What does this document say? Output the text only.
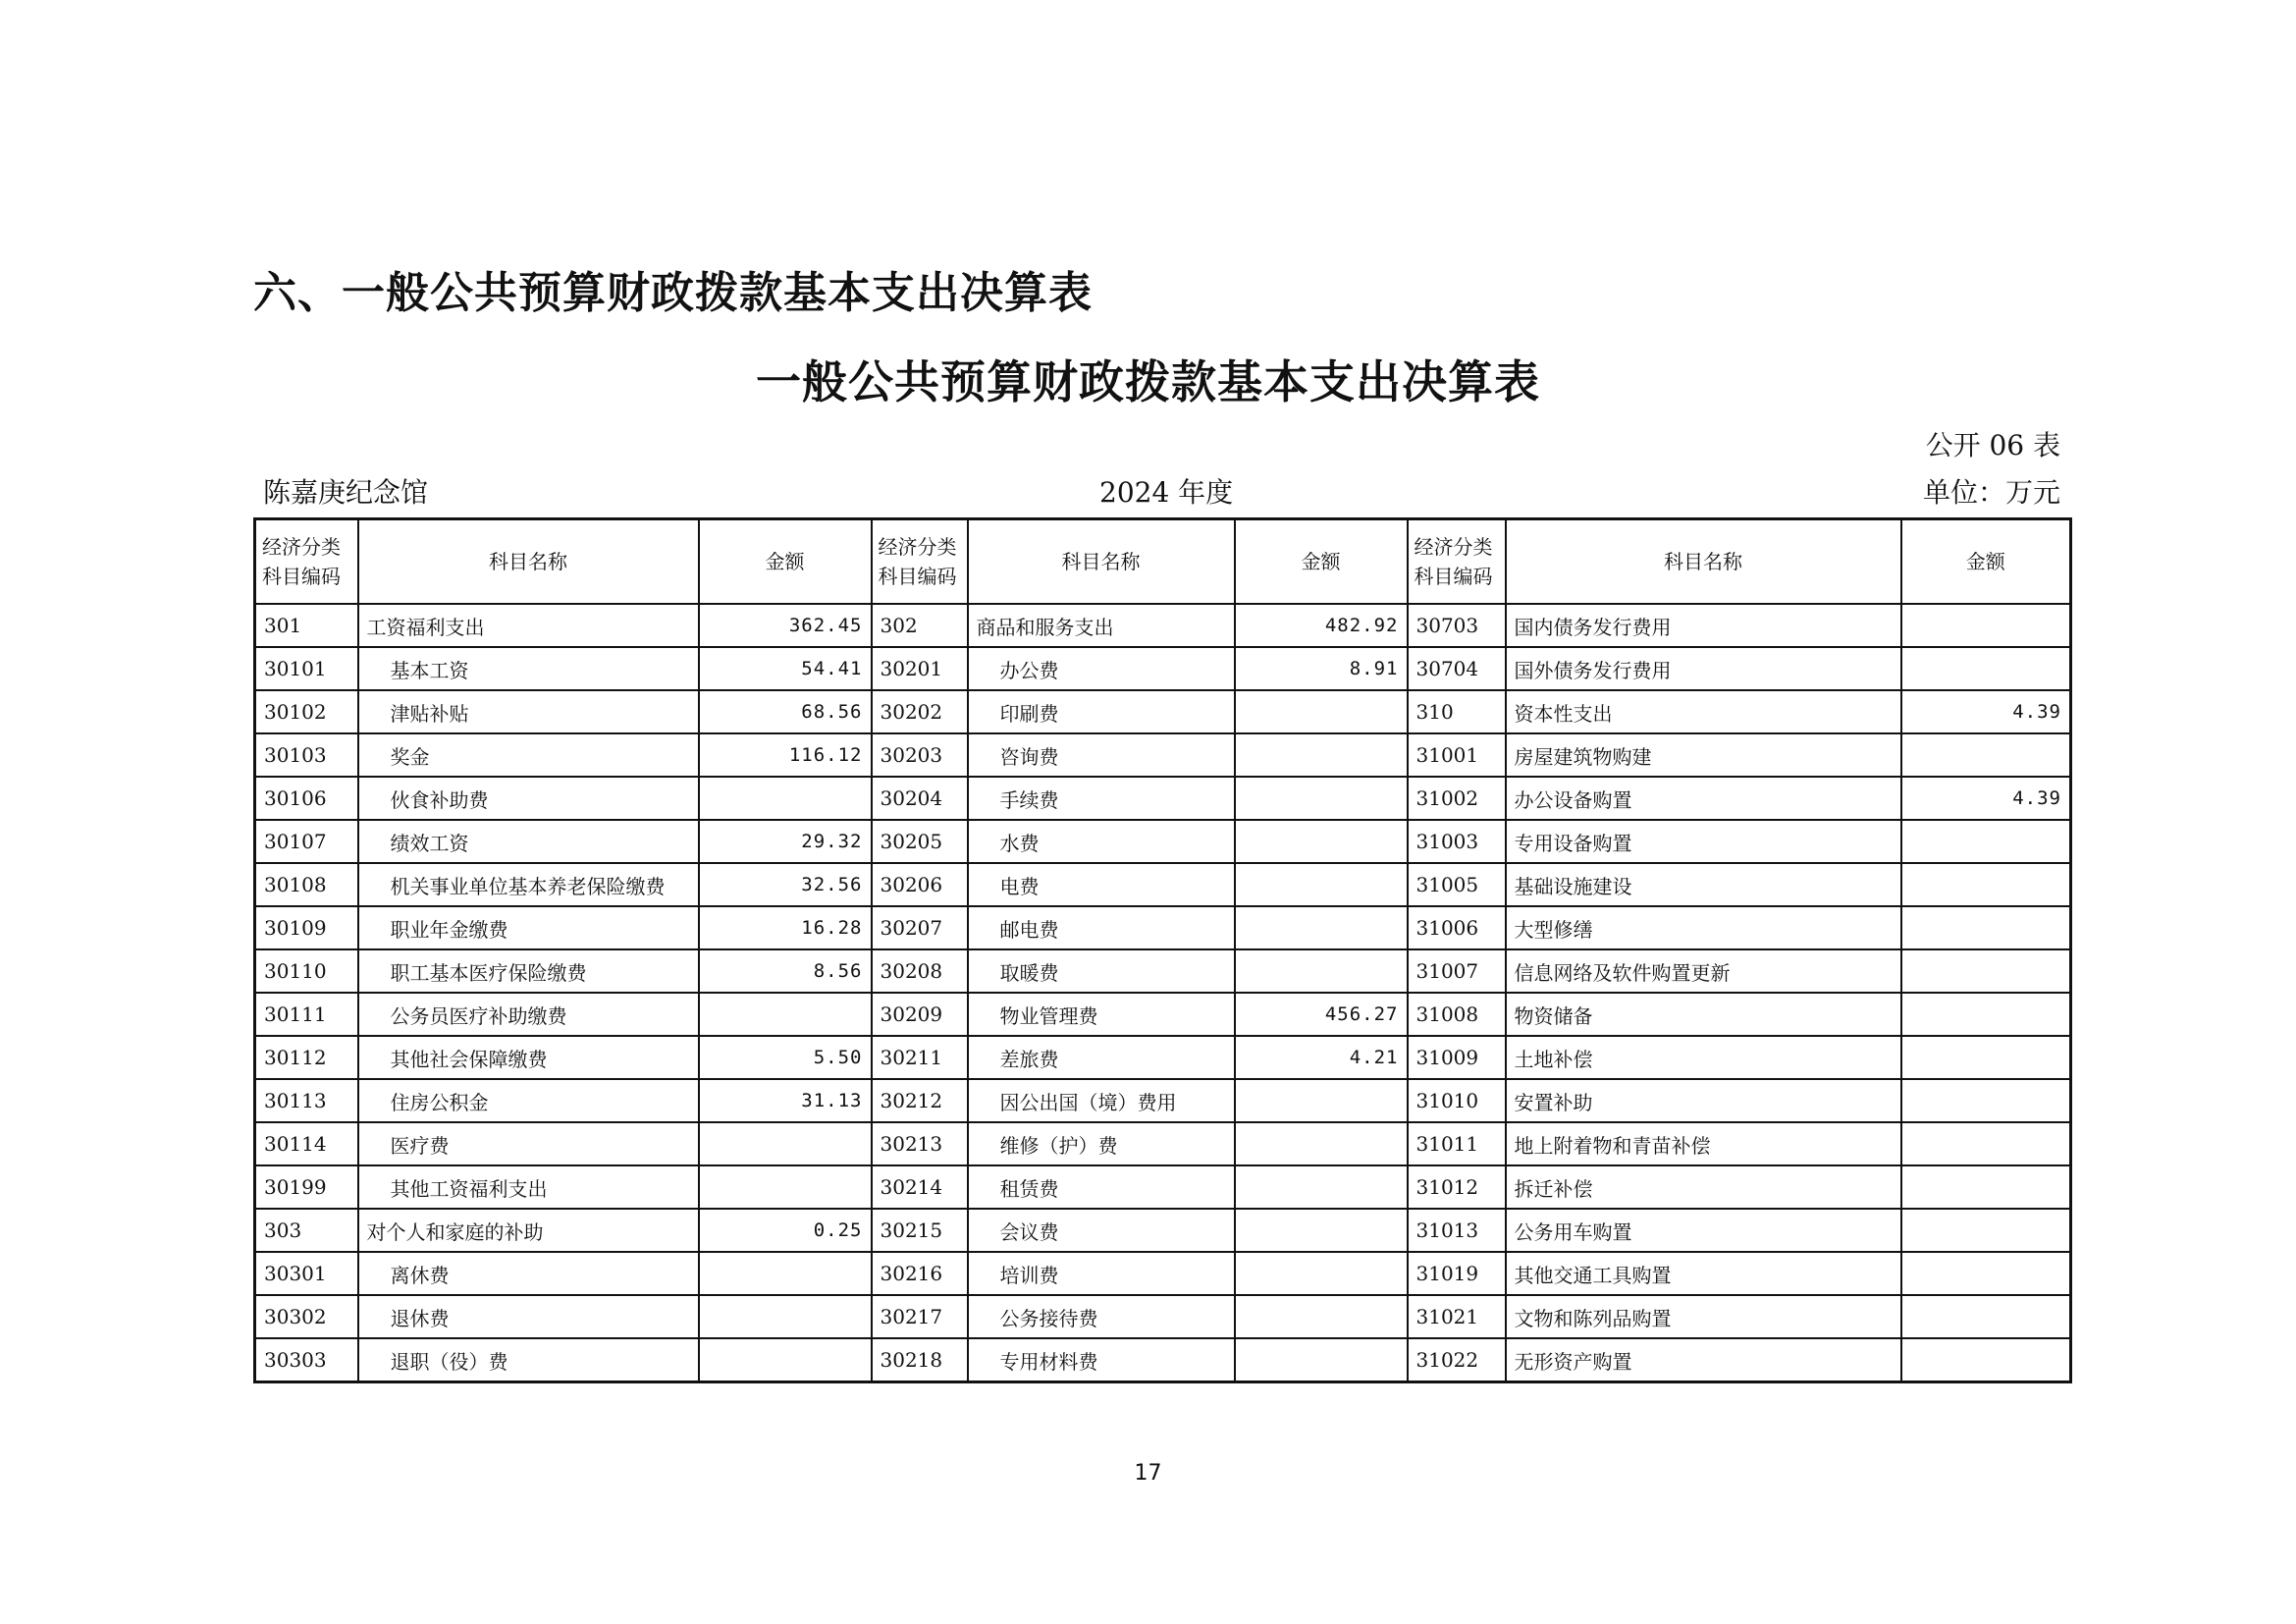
六、一般公共预算财政拨款基本支出决算表
一般公共预算财政拨款基本支出决算表
公开 06 表
陈嘉庚纪念馆	2024 年度	单位：万元
经济分类科目编码	科目名称	金额	经济分类科目编码	科目名称	金额	经济分类科目编码	科目名称	金额
301	工资福利支出	362.45	302	商品和服务支出	482.92	30703	国内债务发行费用	
30101	基本工资	54.41	30201	办公费	8.91	30704	国外债务发行费用	
30102	津贴补贴	68.56	30202	印刷费		310	资本性支出	4.39
30103	奖金	116.12	30203	咨询费		31001	房屋建筑物购建	
30106	伙食补助费		30204	手续费		31002	办公设备购置	4.39
30107	绩效工资	29.32	30205	水费		31003	专用设备购置	
30108	机关事业单位基本养老保险缴费	32.56	30206	电费		31005	基础设施建设	
30109	职业年金缴费	16.28	30207	邮电费		31006	大型修缮	
30110	职工基本医疗保险缴费	8.56	30208	取暖费		31007	信息网络及软件购置更新	
30111	公务员医疗补助缴费		30209	物业管理费	456.27	31008	物资储备	
30112	其他社会保障缴费	5.50	30211	差旅费	4.21	31009	土地补偿	
30113	住房公积金	31.13	30212	因公出国（境）费用		31010	安置补助	
30114	医疗费		30213	维修（护）费		31011	地上附着物和青苗补偿	
30199	其他工资福利支出		30214	租赁费		31012	拆迁补偿	
303	对个人和家庭的补助	0.25	30215	会议费		31013	公务用车购置	
30301	离休费		30216	培训费		31019	其他交通工具购置	
30302	退休费		30217	公务接待费		31021	文物和陈列品购置	
30303	退职（役）费		30218	专用材料费		31022	无形资产购置	
17
